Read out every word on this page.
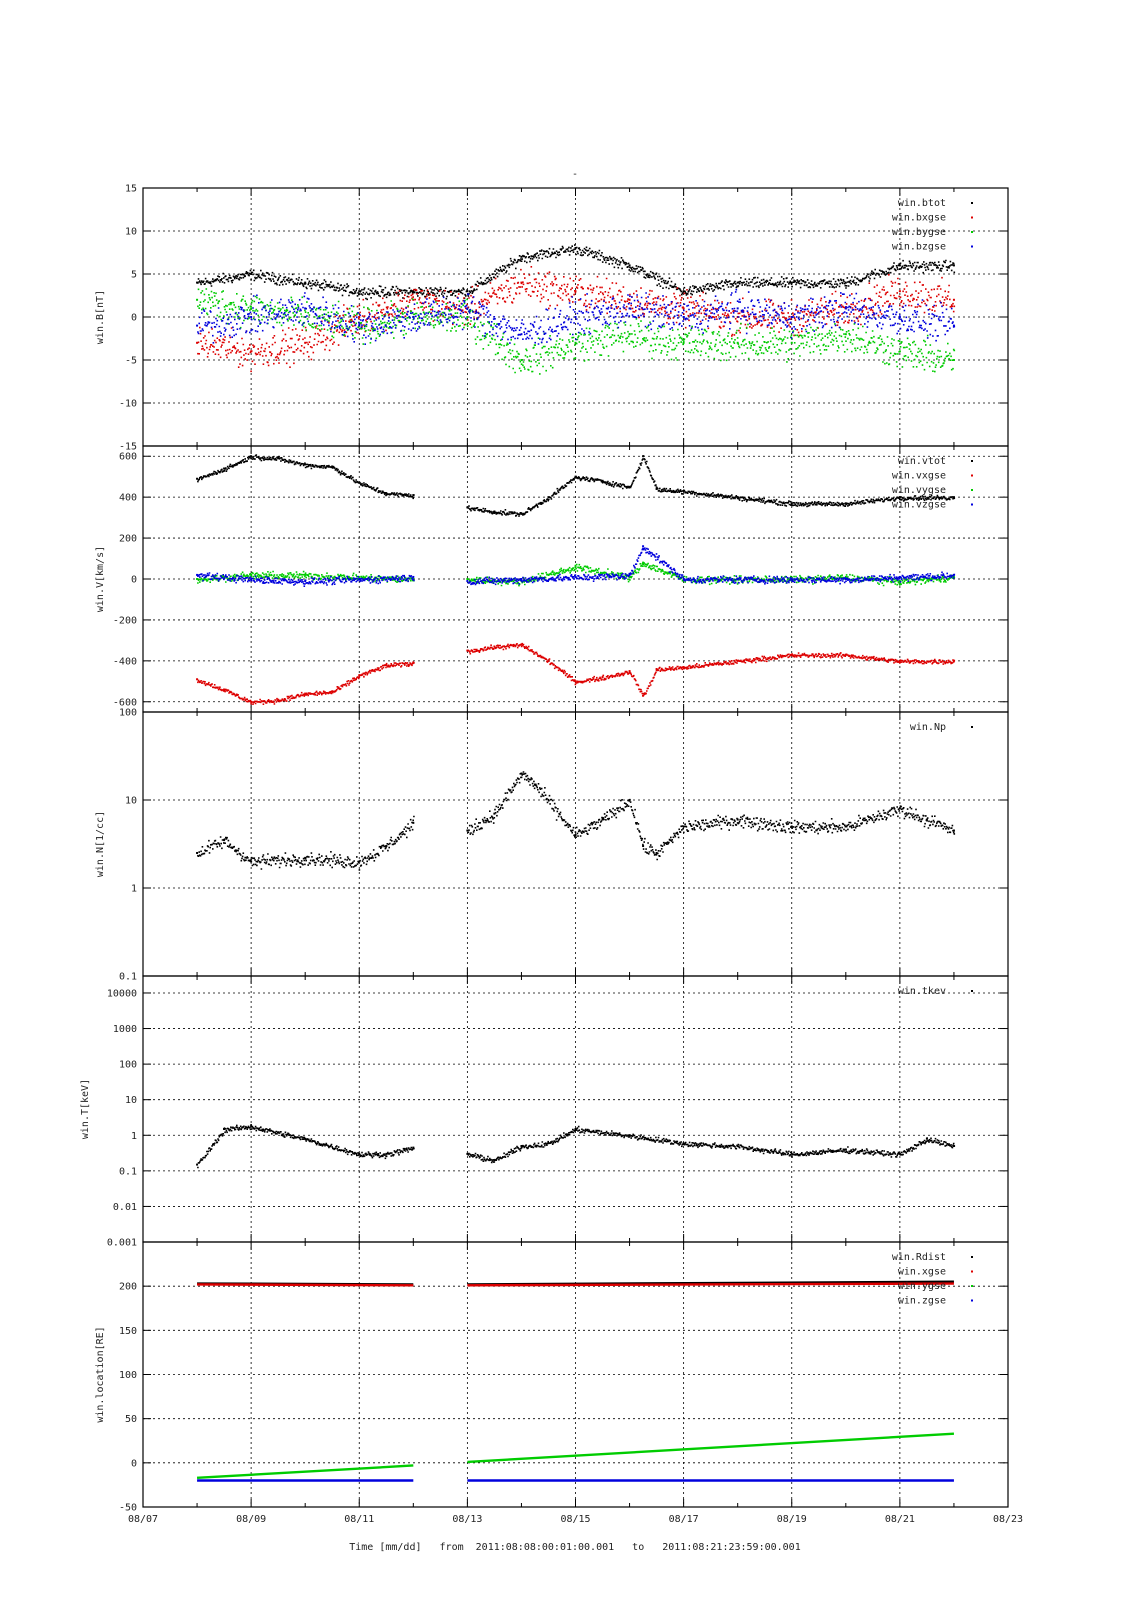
-
-15
-10
-5
0
5
10
15
win.B[nT]
win.btot
win.bxgse
win.bygse
win.bzgse
-600
-400
-200
0
200
400
600
win.V[km/s]
win.vtot
win.vxgse
win.vygse
win.vzgse
0.1
1
10
100
win.N[1/cc]
win.Np
0.001
0.01
0.1
1
10
100
1000
10000
win.T[keV]
win.tkev
-50
0
50
100
150
200
win.location[RE]
win.Rdist
win.xgse
win.ygse
win.zgse
08/07	08/09	08/11	08/13	08/15	08/17	08/19	08/21	08/23
Time [mm/dd] from 2011:08:08:00:01:00.001 to 2011:08:21:23:59:00.001
